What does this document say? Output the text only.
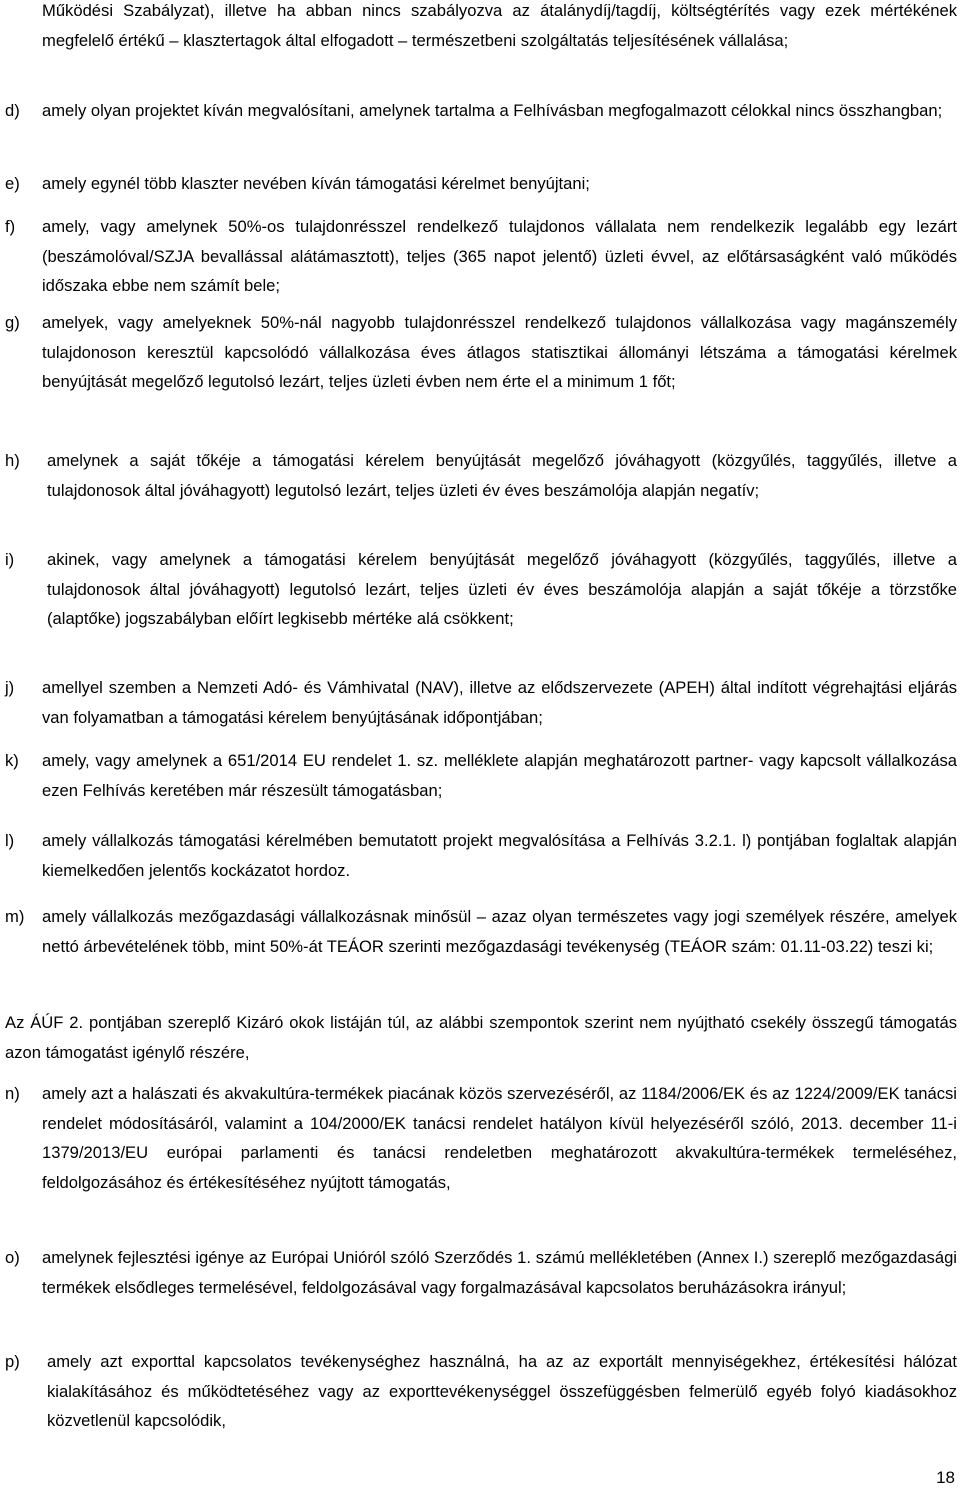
Működési Szabályzat), illetve ha abban nincs szabályozva az átalánydíj/tagdíj, költségtérítés vagy ezek mértékének megfelelő értékű – klasztertagok által elfogadott – természetbeni szolgáltatás teljesítésének vállalása;
d)	amely olyan projektet kíván megvalósítani, amelynek tartalma a Felhívásban megfogalmazott célokkal nincs összhangban;
e)	amely egynél több klaszter nevében kíván támogatási kérelmet benyújtani;
f)	amely, vagy amelynek 50%-os tulajdonrésszel rendelkező tulajdonos vállalata nem rendelkezik legalább egy lezárt (beszámolóval/SZJA bevallással alátámasztott), teljes (365 napot jelentő) üzleti évvel, az előtársaságként való működés időszaka ebbe nem számít bele;
g)	amelyek, vagy amelyeknek 50%-nál nagyobb tulajdonrésszel rendelkező tulajdonos vállalkozása vagy magánszemély tulajdonoson keresztül kapcsolódó vállalkozása éves átlagos statisztikai állományi létszáma a támogatási kérelmek benyújtását megelőző legutolsó lezárt, teljes üzleti évben nem érte el a minimum 1 főt;
h)	amelynek a saját tőkéje a támogatási kérelem benyújtását megelőző jóváhagyott (közgyűlés, taggyűlés, illetve a tulajdonosok által jóváhagyott) legutolsó lezárt, teljes üzleti év éves beszámolója alapján negatív;
i)	akinek, vagy amelynek a támogatási kérelem benyújtását megelőző jóváhagyott (közgyűlés, taggyűlés, illetve a tulajdonosok által jóváhagyott) legutolsó lezárt, teljes üzleti év éves beszámolója alapján a saját tőkéje a törzstőke (alaptőke) jogszabályban előírt legkisebb mértéke alá csökkent;
j)	amellyel szemben a Nemzeti Adó- és Vámhivatal (NAV), illetve az elődszervezete (APEH) által indított végrehajtási eljárás van folyamatban a támogatási kérelem benyújtásának időpontjában;
k)	amely, vagy amelynek a 651/2014 EU rendelet 1. sz. melléklete alapján meghatározott partner- vagy kapcsolt vállalkozása ezen Felhívás keretében már részesült támogatásban;
l)	amely vállalkozás támogatási kérelmében bemutatott projekt megvalósítása a Felhívás 3.2.1. l) pontjában foglaltak alapján kiemelkedően jelentős kockázatot hordoz.
m)	amely vállalkozás mezőgazdasági vállalkozásnak minősül – azaz olyan természetes vagy jogi személyek részére, amelyek nettó árbevételének több, mint 50%-át TEÁOR szerinti mezőgazdasági tevékenység (TEÁOR szám: 01.11-03.22) teszi ki;
Az ÁÚF 2. pontjában szereplő Kizáró okok listáján túl, az alábbi szempontok szerint nem nyújtható csekély összegű támogatás azon támogatást igénylő részére,
n)	amely azt a halászati és akvakultúra-termékek piacának közös szervezéséről, az 1184/2006/EK és az 1224/2009/EK tanácsi rendelet módosításáról, valamint a 104/2000/EK tanácsi rendelet hatályon kívül helyezéséről szóló, 2013. december 11-i 1379/2013/EU európai parlamenti és tanácsi rendeletben meghatározott akvakultúra-termékek termeléséhez, feldolgozásához és értékesítéséhez nyújtott támogatás,
o)	amelynek fejlesztési igénye az Európai Unióról szóló Szerződés 1. számú mellékletében (Annex I.) szereplő mezőgazdasági termékek elsődleges termelésével, feldolgozásával vagy forgalmazásával kapcsolatos beruházásokra irányul;
p)	amely azt exporttal kapcsolatos tevékenységhez használná, ha az az exportált mennyiségekhez, értékesítési hálózat kialakításához és működtetéséhez vagy az exporttevékenységgel összefüggésben felmerülő egyéb folyó kiadásokhoz közvetlenül kapcsolódik,
18
